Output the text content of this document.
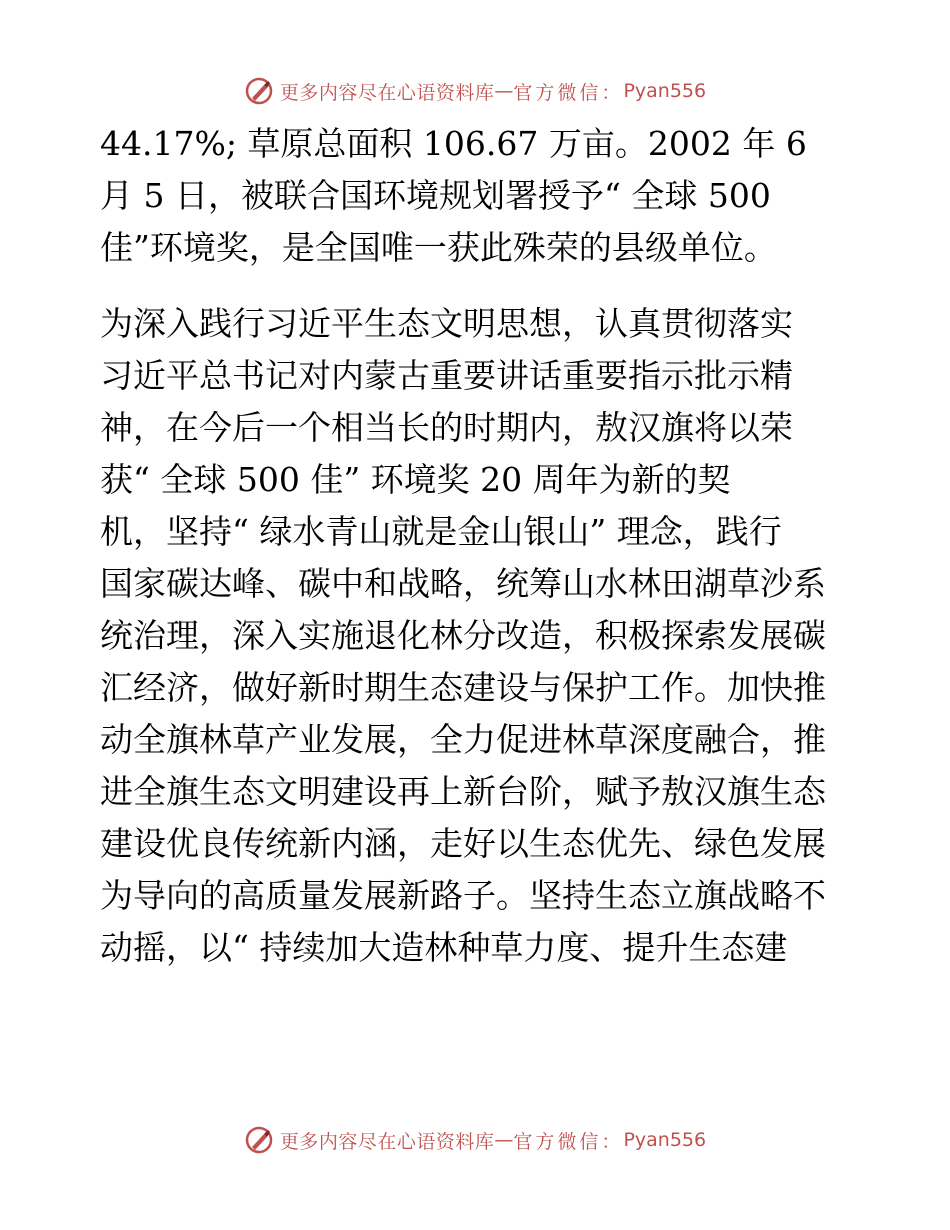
更多内容尽在心语资料库 — 官方微信： Pyan556
44.17%; 草原总面积 106.67 万亩。2002 年 6
月 5 日，被联合国环境规划署授予“ 全球 500
佳”环境奖，是全国唯一获此殊荣的县级单位。
为深入践行习近平生态文明思想，认真贯彻落实
习近平总书记对内蒙古重要讲话重要指示批示精
神，在今后一个相当长的时期内，敖汉旗将以荣
获“ 全球 500 佳” 环境奖 20 周年为新的契
机，坚持“ 绿水青山就是金山银山” 理念，践行
国家碳达峰、碳中和战略，统筹山水林田湖草沙系
统治理，深入实施退化林分改造，积极探索发展碳
汇经济，做好新时期生态建设与保护工作。加快推
动全旗林草产业发展，全力促进林草深度融合，推
进全旗生态文明建设再上新台阶，赋予敖汉旗生态
建设优良传统新内涵，走好以生态优先、绿色发展
为导向的高质量发展新路子。坚持生态立旗战略不
动摇，以“ 持续加大造林种草力度、提升生态建
更多内容尽在心语资料库 — 官方微信： Pyan556
